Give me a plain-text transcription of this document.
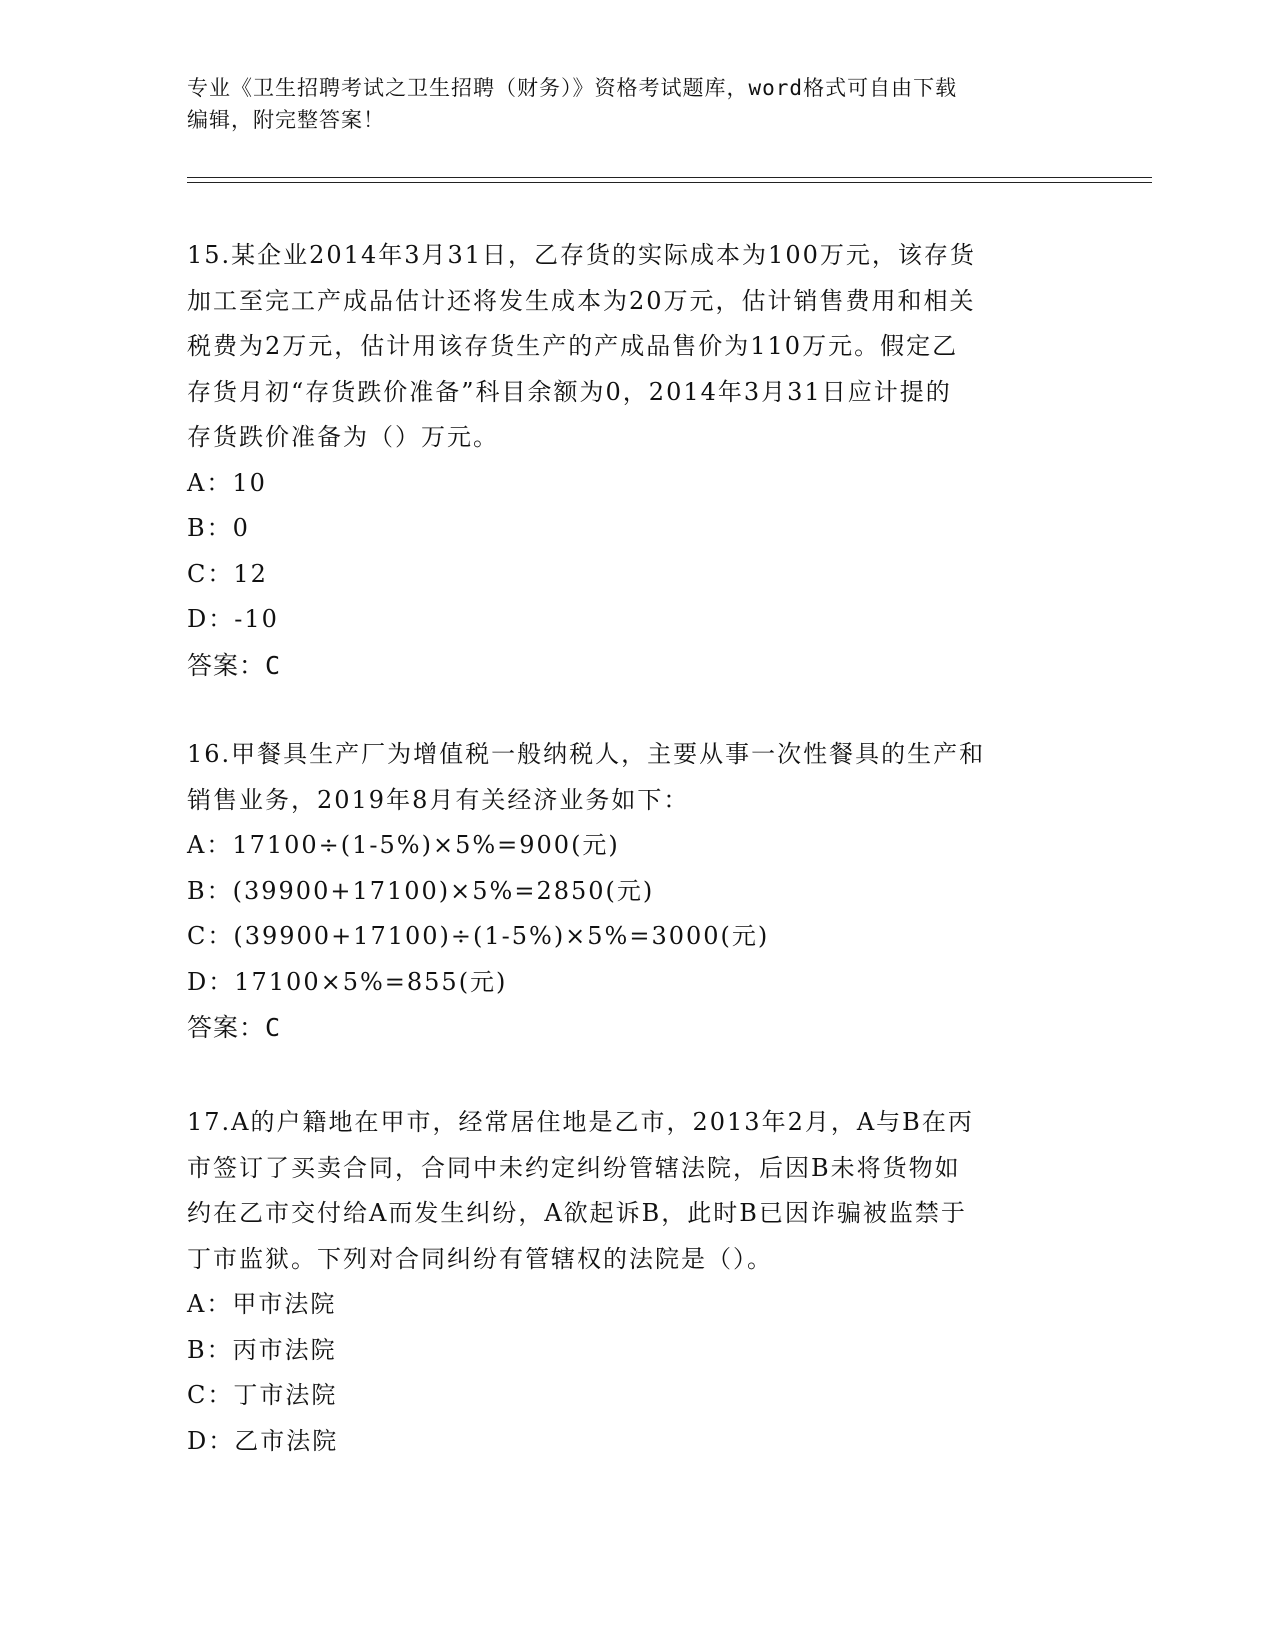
专业《卫生招聘考试之卫生招聘（财务）》资格考试题库，word格式可自由下载

编辑，附完整答案！

15.某企业2014年3月31日，乙存货的实际成本为100万元，该存货
加工至完工产成品估计还将发生成本为20万元，估计销售费用和相关
税费为2万元，估计用该存货生产的产成品售价为110万元。假定乙
存货月初“存货跌价准备”科目余额为0，2014年3月31日应计提的
存货跌价准备为（）万元。

A：10

B：0

C：12

D：-10

答案：C

16.甲餐具生产厂为增值税一般纳税人，主要从事一次性餐具的生产和
销售业务，2019年8月有关经济业务如下：

A：17100÷(1-5%)×5%=900(元)

B：(39900+17100)×5%=2850(元)

C：(39900+17100)÷(1-5%)×5%=3000(元)

D：17100×5%=855(元)

答案：C

17.A的户籍地在甲市，经常居住地是乙市，2013年2月，A与B在丙
市签订了买卖合同，合同中未约定纠纷管辖法院，后因B未将货物如
约在乙市交付给A而发生纠纷，A欲起诉B，此时B已因诈骗被监禁于
丁市监狱。下列对合同纠纷有管辖权的法院是（）。

A：甲市法院

B：丙市法院

C：丁市法院

D：乙市法院
